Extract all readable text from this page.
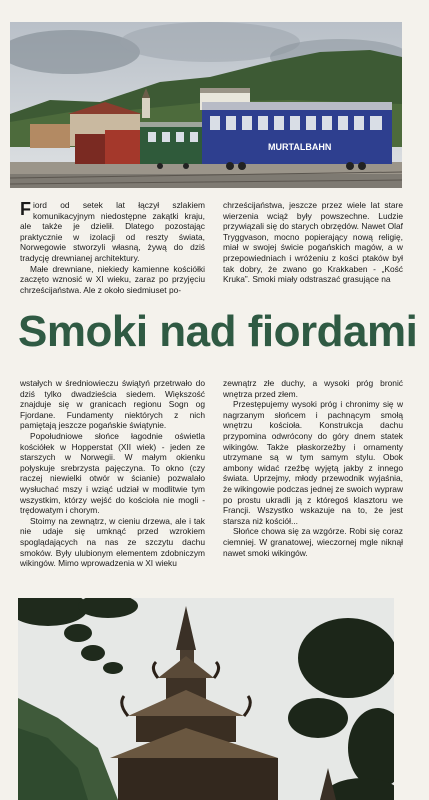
MURTALBAHN

Fiord od setek lat łączył szlakiem komunikacyjnym niedostępne zakątki kraju, ale także je dzielił. Dlatego pozostając praktycznie w izolacji od reszty świata, Norwegowie stworzyli własną, żywą do dziś tradycję drewnianej architektury.

Małe drewniane, niekiedy kamienne kościółki zaczęto wznosić w XI wieku, zaraz po przyjęciu chrześcijaństwa. Ale z około siedmiuset po-

chrześcijaństwa, jeszcze przez wiele lat stare wierzenia wciąż były powszechne. Ludzie przywiązali się do starych obrzędów. Nawet Olaf Tryggvason, mocno popierający nową religię, miał w swojej świcie pogańskich magów, a w przepowiedniach i wróżeniu z kości ptaków był tak dobry, że zwano go Krakkaben - „Kość Kruka”. Smoki miały odstraszać grasujące na

Smoki nad fiordami

wstałych w średniowieczu świątyń przetrwało do dziś tylko dwadzieścia siedem. Większość znajduje się w granicach regionu Sogn og Fjordane. Fundamenty niektórych z nich pamiętają jeszcze pogańskie świątynie.

Popołudniowe słońce łagodnie oświetla kościółek w Hopperstat (XII wiek) - jeden ze starszych w Norwegii. W małym okienku połyskuje srebrzysta pajęczyna. To okno (czy raczej niewielki otwór w ścianie) pozwalało wysłuchać mszy i wziąć udział w modlitwie tym wszystkim, którzy wejść do kościoła nie mogli - trędowatym i chorym.

Stoimy na zewnątrz, w cieniu drzewa, ale i tak nie udaje się umknąć przed wzrokiem spoglądających na nas ze szczytu dachu smoków. Były ulubionym elementem zdobniczym wikingów. Mimo wprowadzenia w XI wieku

zewnątrz złe duchy, a wysoki próg bronić wnętrza przed złem.

Przestępujemy wysoki próg i chronimy się w nagrzanym słońcem i pachnącym smołą wnętrzu kościoła. Konstrukcja dachu przypomina odwrócony do góry dnem statek wikingów. Także płaskorzeźby i ornamenty utrzymane są w tym samym stylu. Obok ambony widać rzeźbę wyjętą jakby z innego świata. Uprzejmy, młody przewodnik wyjaśnia, że wikingowie podczas jednej ze swoich wypraw po prostu ukradli ją z któregoś klasztoru we Francji. Wszystko wskazuje na to, że jest starsza niż kościół...

Słońce chowa się za wzgórze. Robi się coraz ciemniej. W granatowej, wieczornej mgle niknął nawet smoki wikingów.
